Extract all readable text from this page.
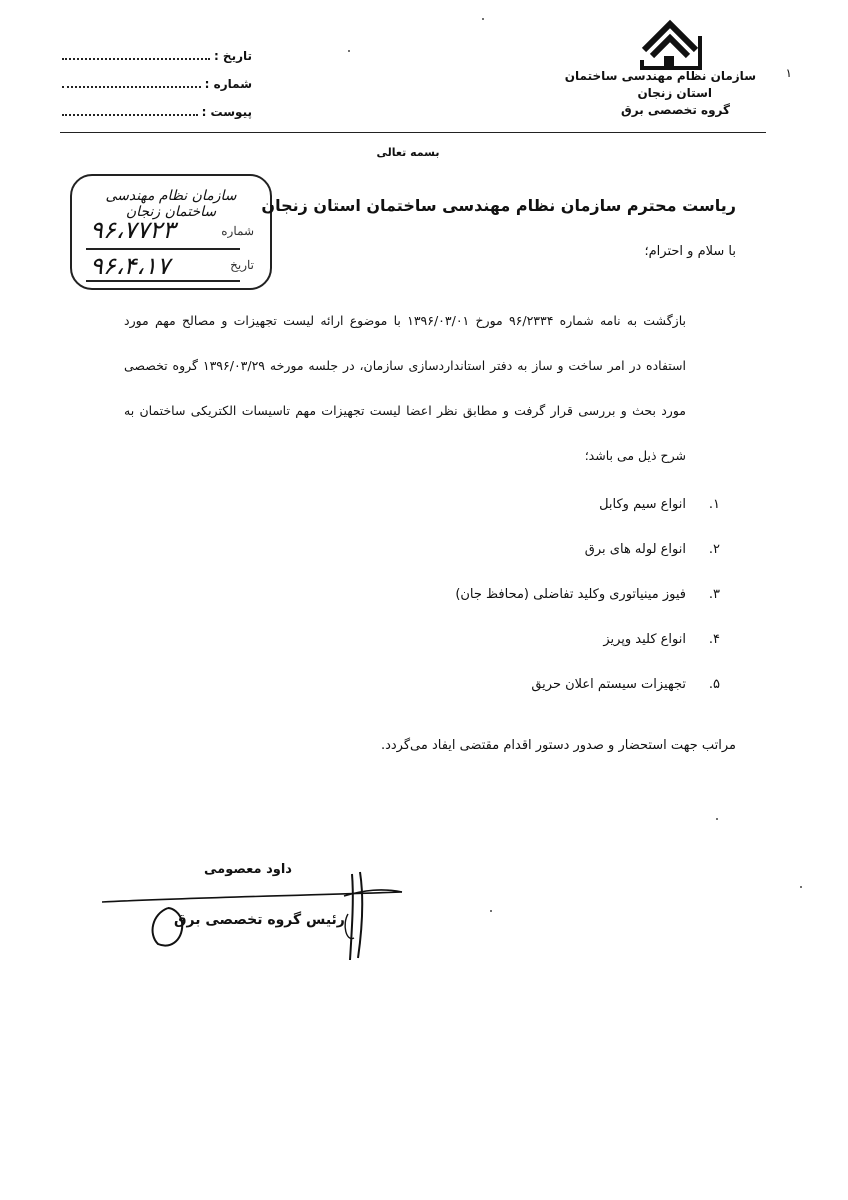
۱
سازمان نظام مهندسی ساختمان
استان زنجان
گروه تخصصی برق
تاریخ :
شماره :
پیوست :
بسمه تعالی
سازمان نظام مهندسی ساختمان زنجان
شماره
۹۶،۷۷۲۳
تاریخ
۹۶،۴،۱۷
ریاست محترم سازمان نظام مهندسی ساختمان استان زنجان
با سلام و احترام؛
بازگشت به نامه شماره ۹۶/۲۳۳۴ مورخ ۱۳۹۶/۰۳/۰۱ با موضوع ارائه لیست تجهیزات و مصالح مهم مورد استفاده در امر ساخت و ساز به دفتر استانداردسازی سازمان، در جلسه مورخه ۱۳۹۶/۰۳/۲۹ گروه تخصصی مورد بحث و بررسی قرار گرفت و مطابق نظر اعضا لیست تجهیزات مهم تاسیسات الکتریکی ساختمان به شرح ذیل می باشد؛
۱.انواع سیم وکابل
۲.انواع لوله های برق
۳.فیوز مینیاتوری وکلید تفاضلی (محافظ جان)
۴.انواع کلید وپریز
۵.تجهیزات سیستم اعلان حریق
مراتب جهت استحضار و صدور دستور اقدام مقتضی ایفاد می‌گردد.
داود معصومی
رئیس گروه تخصصی برق
